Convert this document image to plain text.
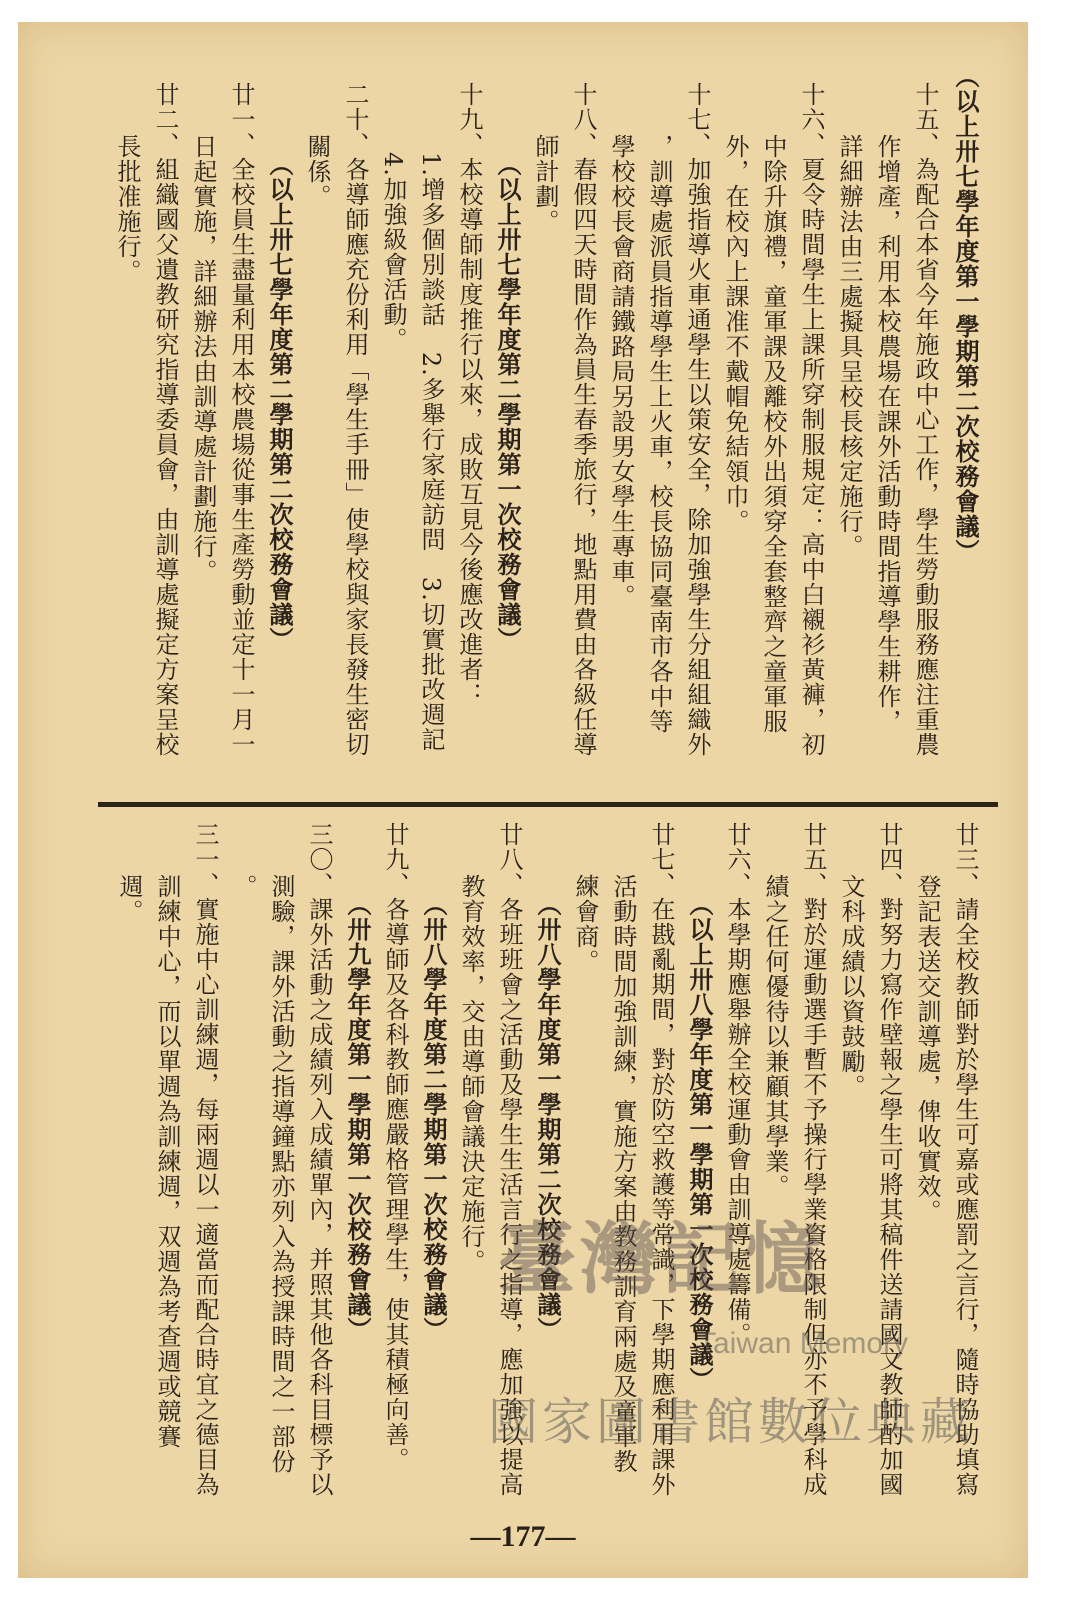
（以上卅七學年度第一學期第二次校務會議）
十五、為配合本省今年施政中心工作，學生勞動服務應注重農
作增產，利用本校農場在課外活動時間指導學生耕作，
詳細辦法由三處擬具呈校長核定施行。
十六、夏令時間學生上課所穿制服規定：高中白襯衫黃褲，初
中除升旗禮，童軍課及離校外出須穿全套整齊之童軍服
外，在校內上課准不戴帽免結領巾。
十七、加強指導火車通學生以策安全，除加強學生分組組織外
，訓導處派員指導學生上火車，校長協同臺南市各中等
學校校長會商請鐵路局另設男女學生專車。
十八、春假四天時間作為員生春季旅行，地點用費由各級任導
師計劃。
（以上卅七學年度第二學期第一次校務會議）
十九、本校導師制度推行以來，成敗互見今後應改進者：
1.增多個別談話　2.多舉行家庭訪問　3.切實批改週記
4.加強級會活動。
二十、各導師應充份利用「學生手冊」使學校與家長發生密切
關係。
（以上卅七學年度第二學期第二次校務會議）
廿一、全校員生盡量利用本校農場從事生產勞動並定十一月一
日起實施，詳細辦法由訓導處計劃施行。
廿二、組織國父遺教研究指導委員會，由訓導處擬定方案呈校
長批准施行。
廿三、請全校教師對於學生可嘉或應罰之言行，隨時協助填寫
登記表送交訓導處，俾收實效。
廿四、對努力寫作壁報之學生可將其稿件送請國文教師酌加國
文科成績以資鼓勵。
廿五、對於運動選手暫不予操行學業資格限制但亦不予學科成
績之任何優待以兼顧其學業。
廿六、本學期應舉辦全校運動會由訓導處籌備。
（以上卅八學年度第一學期第一次校務會議）
廿七、在戡亂期間，對於防空救護等常識，下學期應利用課外
活動時間加強訓練，實施方案由教務訓育兩處及童軍教
練會商。
（卅八學年度第一學期第二次校務會議）
廿八、各班班會之活動及學生生活言行之指導，應加強以提高
教育效率，交由導師會議決定施行。
（卅八學年度第二學期第一次校務會議）
廿九、各導師及各科教師應嚴格管理學生，使其積極向善。
（卅九學年度第一學期第一次校務會議）
三〇、課外活動之成績列入成績單內，并照其他各科目標予以
測驗，課外活動之指導鐘點亦列入為授課時間之一部份
。
三一、實施中心訓練週，每兩週以一適當而配合時宜之德目為
訓練中心，而以單週為訓練週，双週為考查週或競賽
週。
臺灣記憶
Taiwan Memory
國家圖書館數位典藏
—177—
